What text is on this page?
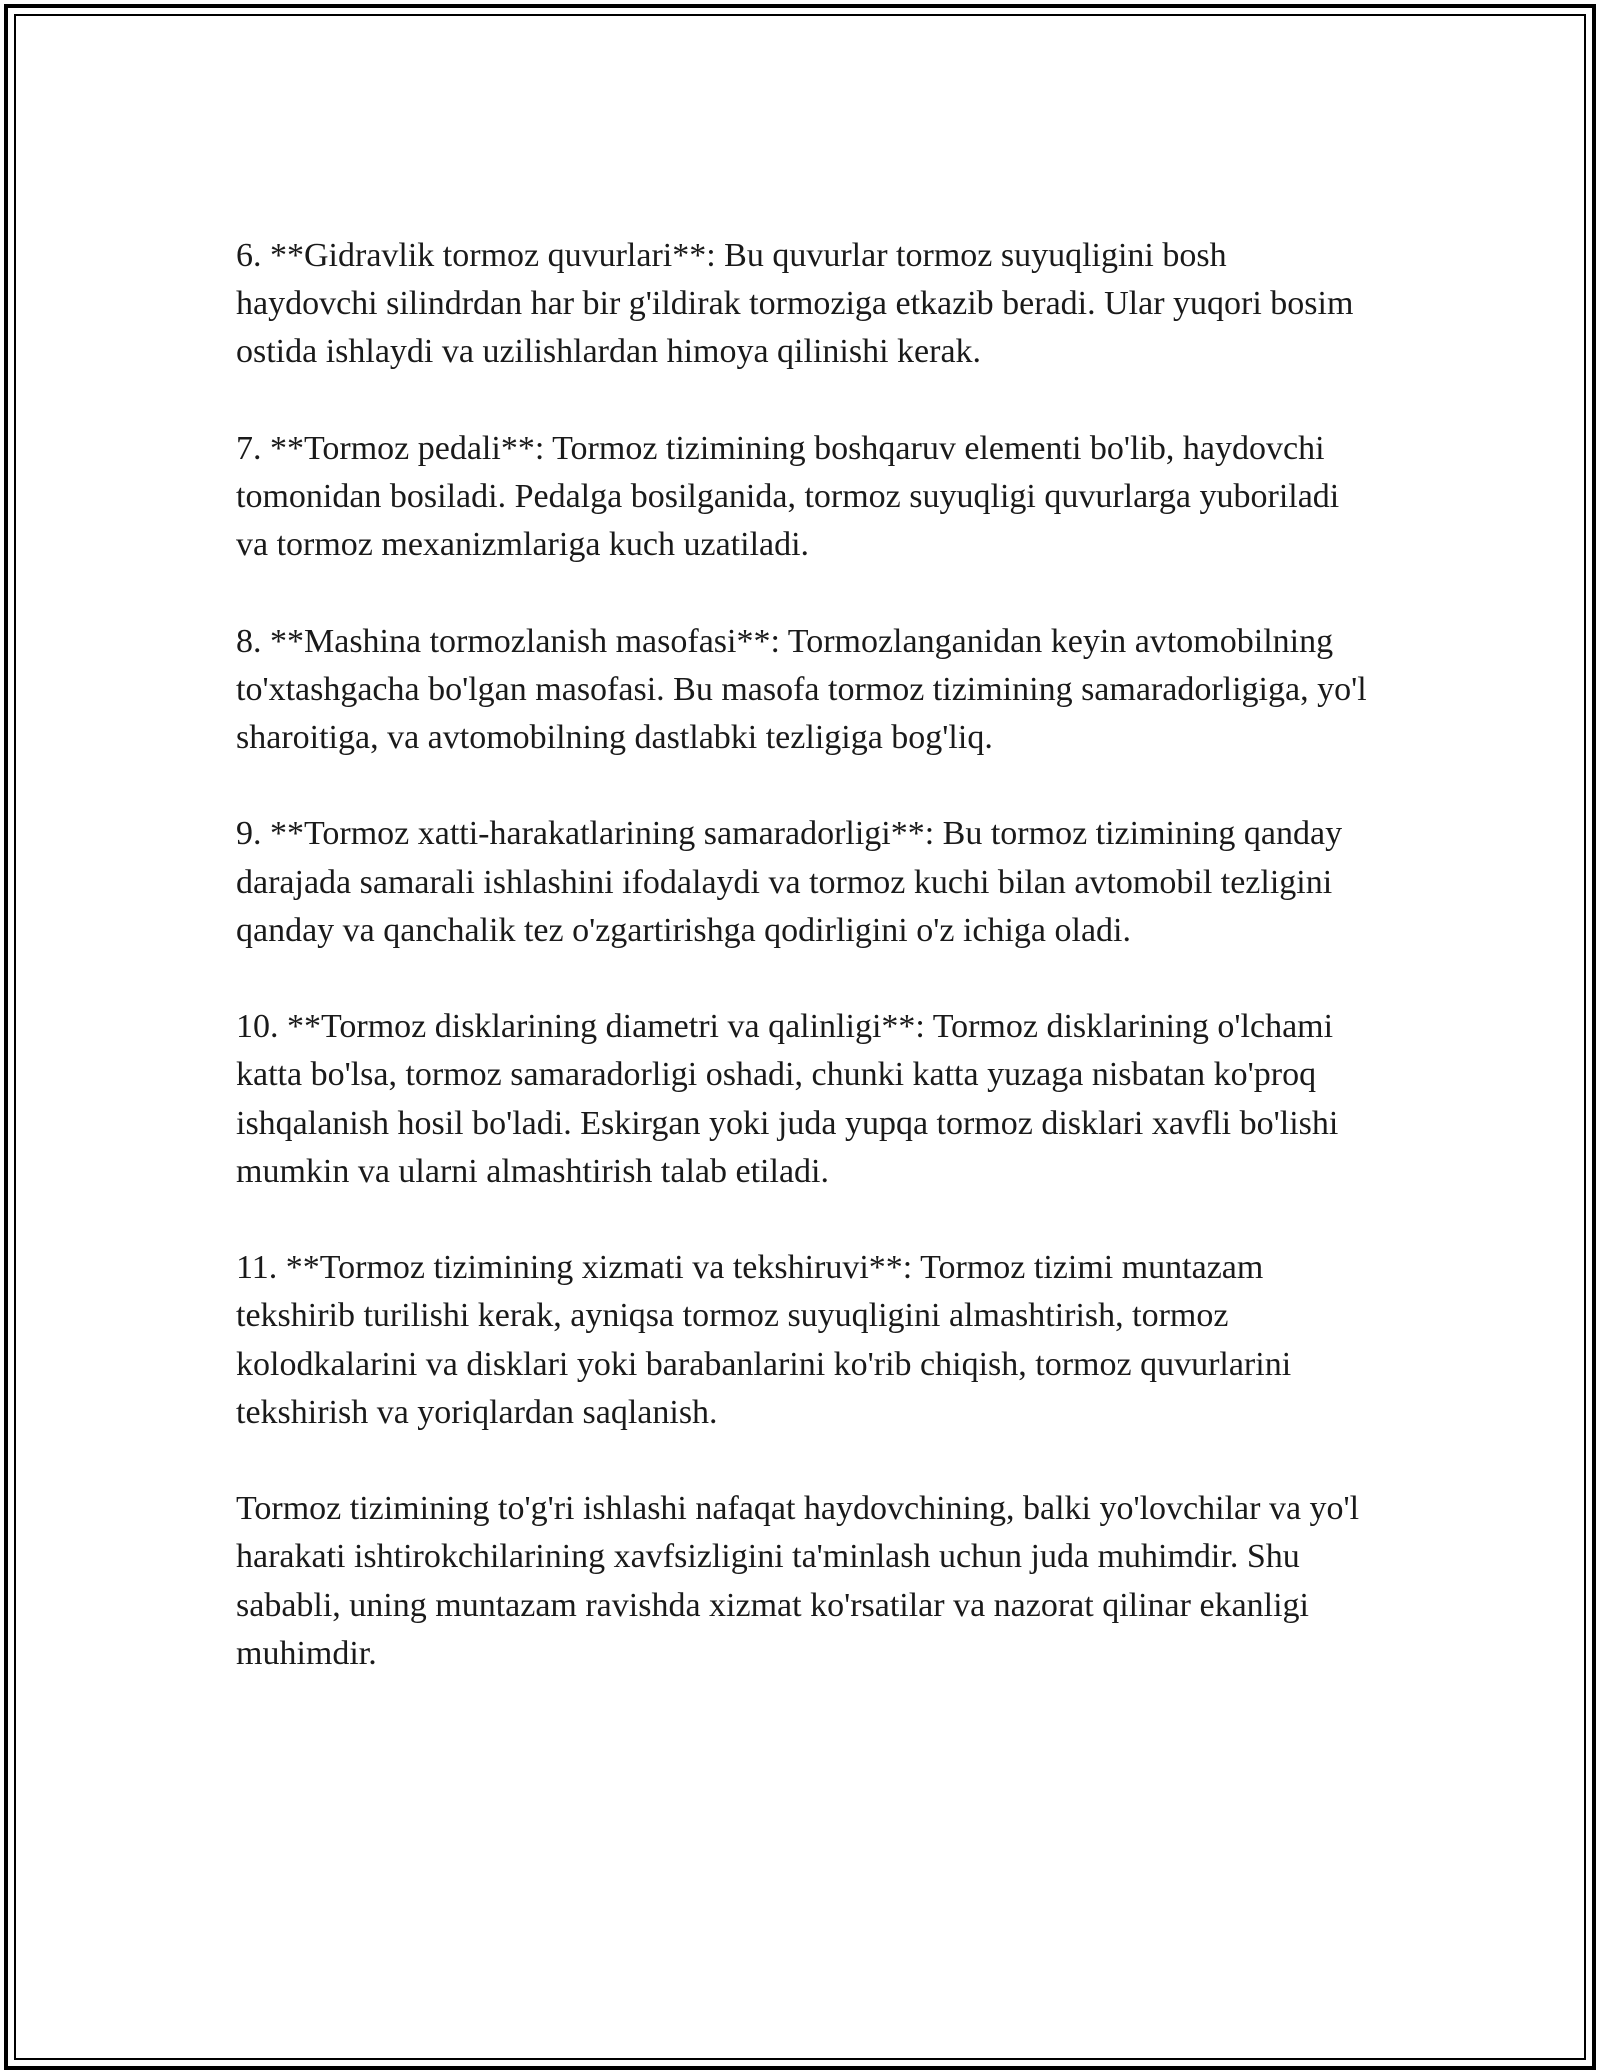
6. **Gidravlik tormoz quvurlari**: Bu quvurlar tormoz suyuqligini bosh haydovchi silindrdan har bir g'ildirak tormoziga etkazib beradi. Ular yuqori bosim ostida ishlaydi va uzilishlardan himoya qilinishi kerak.

7. **Tormoz pedali**: Tormoz tizimining boshqaruv elementi bo'lib, haydovchi tomonidan bosiladi. Pedalga bosilganida, tormoz suyuqligi quvurlarga yuboriladi va tormoz mexanizmlariga kuch uzatiladi.

8. **Mashina tormozlanish masofasi**: Tormozlanganidan keyin avtomobilning to'xtashgacha bo'lgan masofasi. Bu masofa tormoz tizimining samaradorligiga, yo'l sharoitiga, va avtomobilning dastlabki tezligiga bog'liq.

9. **Tormoz xatti-harakatlarining samaradorligi**: Bu tormoz tizimining qanday darajada samarali ishlashini ifodalaydi va tormoz kuchi bilan avtomobil tezligini qanday va qanchalik tez o'zgartirishga qodirligini o'z ichiga oladi.

10. **Tormoz disklarining diametri va qalinligi**: Tormoz disklarining o'lchami katta bo'lsa, tormoz samaradorligi oshadi, chunki katta yuzaga nisbatan ko'proq ishqalanish hosil bo'ladi. Eskirgan yoki juda yupqa tormoz disklari xavfli bo'lishi mumkin va ularni almashtirish talab etiladi.

11. **Tormoz tizimining xizmati va tekshiruvi**: Tormoz tizimi muntazam tekshirib turilishi kerak, ayniqsa tormoz suyuqligini almashtirish, tormoz kolodkalarini va disklari yoki barabanlarini ko'rib chiqish, tormoz quvurlarini tekshirish va yoriqlardan saqlanish.

Tormoz tizimining to'g'ri ishlashi nafaqat haydovchining, balki yo'lovchilar va yo'l harakati ishtirokchilarining xavfsizligini ta'minlash uchun juda muhimdir. Shu sababli, uning muntazam ravishda xizmat ko'rsatilar va nazorat qilinar ekanligi muhimdir.
